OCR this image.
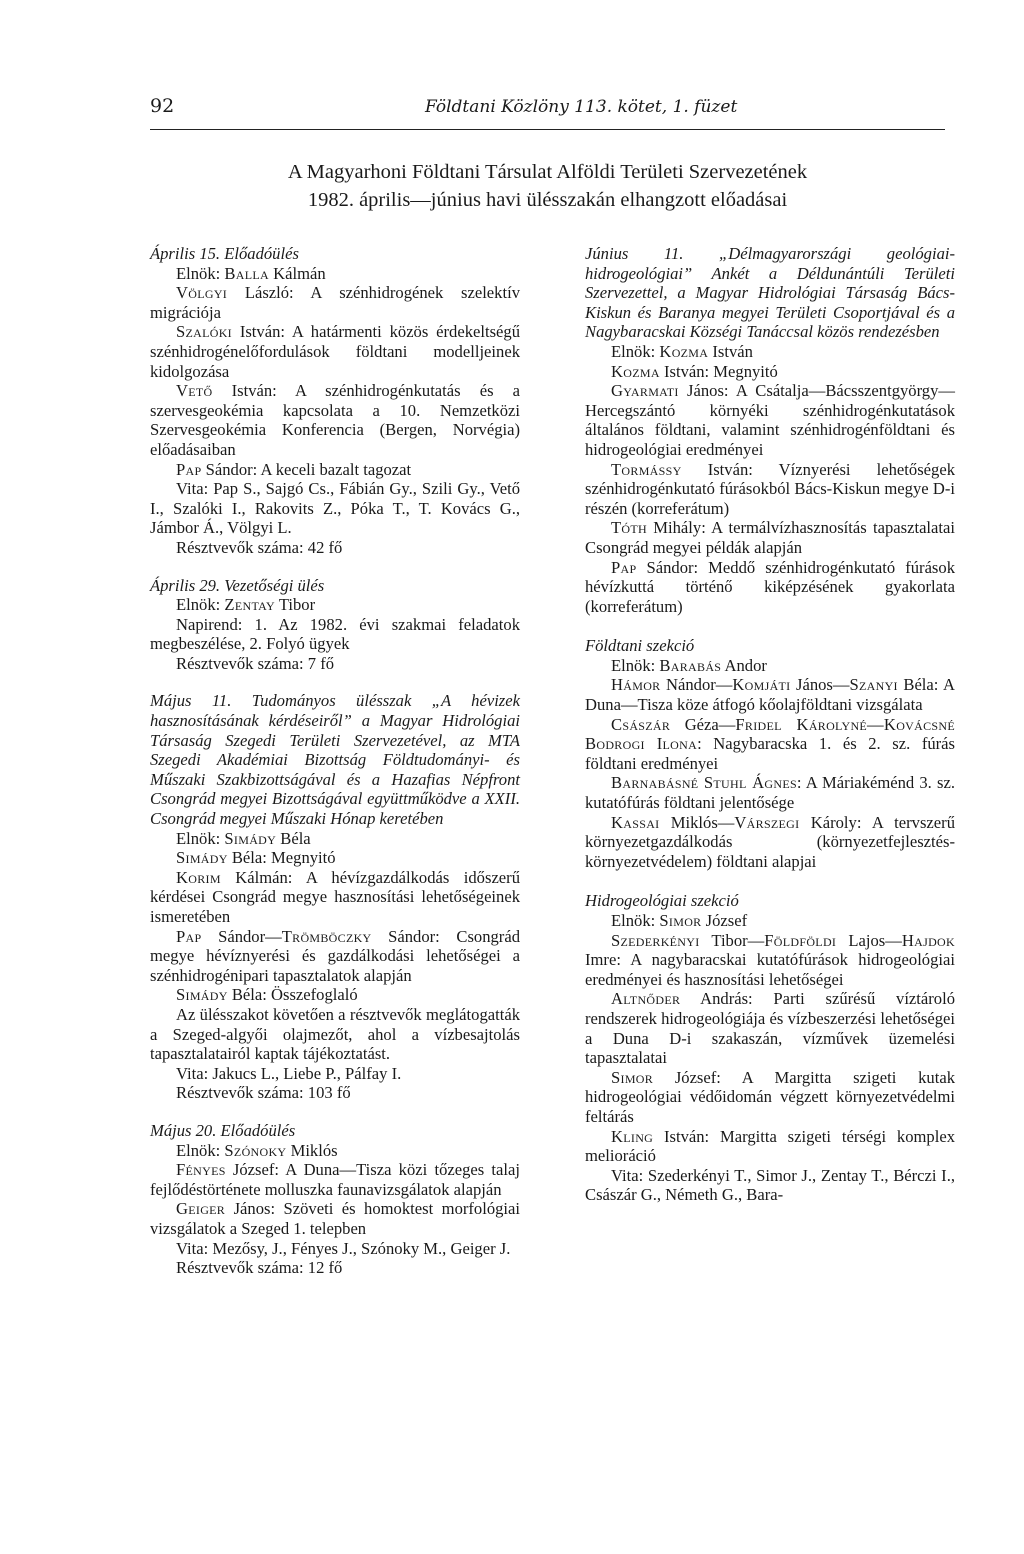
92	Földtani Közlöny 113. kötet, 1. füzet
A Magyarhoni Földtani Társulat Alföldi Területi Szervezetének
1982. április—június havi ülésszakán elhangzott előadásai

Április 15. Előadóülés

Elnök: Balla Kálmán

Völgyi László: A szénhidrogének szelektív migrációja

Szalóki István: A határmenti közös érdekeltségű szénhidrogénelőfordulások földtani modelljeinek kidolgozása

Vető István: A szénhidrogénkutatás és a szervesgeokémia kapcsolata a 10. Nemzetközi Szervesgeokémia Konferencia (Bergen, Norvégia) előadásaiban

Pap Sándor: A keceli bazalt tagozat

Vita: Pap S., Sajgó Cs., Fábián Gy., Szili Gy., Vető I., Szalóki I., Rakovits Z., Póka T., T. Kovács G., Jámbor Á., Völgyi L.

Résztvevők száma: 42 fő

Április 29. Vezetőségi ülés

Elnök: Zentay Tibor

Napirend: 1. Az 1982. évi szakmai feladatok megbeszélése, 2. Folyó ügyek

Résztvevők száma: 7 fő

Május 11. Tudományos ülésszak „A hévizek hasznosításának kérdéseiről” a Magyar Hidrológiai Társaság Szegedi Területi Szervezetével, az MTA Szegedi Akadémiai Bizottság Földtudományi- és Műszaki Szakbizottságával és a Hazafias Népfront Csongrád megyei Bizottságával együttműködve a XXII. Csongrád megyei Műszaki Hónap keretében

Elnök: Simády Béla

Simády Béla: Megnyitó

Korim Kálmán: A hévízgazdálkodás időszerű kérdései Csongrád megye hasznosítási lehetőségeinek ismeretében

Pap Sándor—Trömböczky Sándor: Csongrád megye hévíznyerési és gazdálkodási lehetőségei a szénhidrogénipari tapasztalatok alapján

Simády Béla: Összefoglaló

Az ülésszakot követően a résztvevők meglátogatták a Szeged-algyői olajmezőt, ahol a vízbesajtolás tapasztalatairól kaptak tájékoztatást.

Vita: Jakucs L., Liebe P., Pálfay I.

Résztvevők száma: 103 fő

Május 20. Előadóülés

Elnök: Szónoky Miklós

Fényes József: A Duna—Tisza közi tőzeges talaj fejlődéstörténete molluszka faunavizsgálatok alapján

Geiger János: Szöveti és homoktest morfológiai vizsgálatok a Szeged 1. telepben

Vita: Mezősy, J., Fényes J., Szónoky M., Geiger J.

Résztvevők száma: 12 fő

Június 11. „Délmagyarországi geológiai-hidrogeológiai” Ankét a Déldunántúli Területi Szervezettel, a Magyar Hidrológiai Társaság Bács-Kiskun és Baranya megyei Területi Csoportjával és a Nagybaracskai Községi Tanáccsal közös rendezésben

Elnök: Kozma István

Kozma István: Megnyitó

Gyarmati János: A Csátalja—Bácsszentgyörgy—Hercegszántó környéki szénhidrogénkutatások általános földtani, valamint szénhidrogénföldtani és hidrogeológiai eredményei

Tormássy István: Víznyerési lehetőségek szénhidrogénkutató fúrásokból Bács-Kiskun megye D-i részén (korreferátum)

Tóth Mihály: A termálvízhasznosítás tapasztalatai Csongrád megyei példák alapján

Pap Sándor: Meddő szénhidrogénkutató fúrások hévízkuttá történő kiképzésének gyakorlata (korreferátum)

Földtani szekció

Elnök: Barabás Andor

Hámor Nándor—Komjáti János—Szanyi Béla: A Duna—Tisza köze átfogó kőolajföldtani vizsgálata

Császár Géza—Fridel Károlyné—Kovácsné Bodrogi Ilona: Nagybaracska 1. és 2. sz. fúrás földtani eredményei

Barnabásné Stuhl Ágnes: A Máriakéménd 3. sz. kutatófúrás földtani jelentősége

Kassai Miklós—Várszegi Károly: A tervszerű környezetgazdálkodás (környezetfejlesztés-környezetvédelem) földtani alapjai

Hidrogeológiai szekció

Elnök: Simor József

Szederkényi Tibor—Földföldi Lajos—Hajdok Imre: A nagybaracskai kutatófúrások hidrogeológiai eredményei és hasznosítási lehetőségei

Altnőder András: Parti szűrésű víztároló rendszerek hidrogeológiája és vízbeszerzési lehetőségei a Duna D-i szakaszán, vízművek üzemelési tapasztalatai

Simor József: A Margitta szigeti kutak hidrogeológiai védőidomán végzett környezetvédelmi feltárás

Kling István: Margitta szigeti térségi komplex melioráció

Vita: Szederkényi T., Simor J., Zentay T., Bérczi I., Császár G., Németh G., Bara-
